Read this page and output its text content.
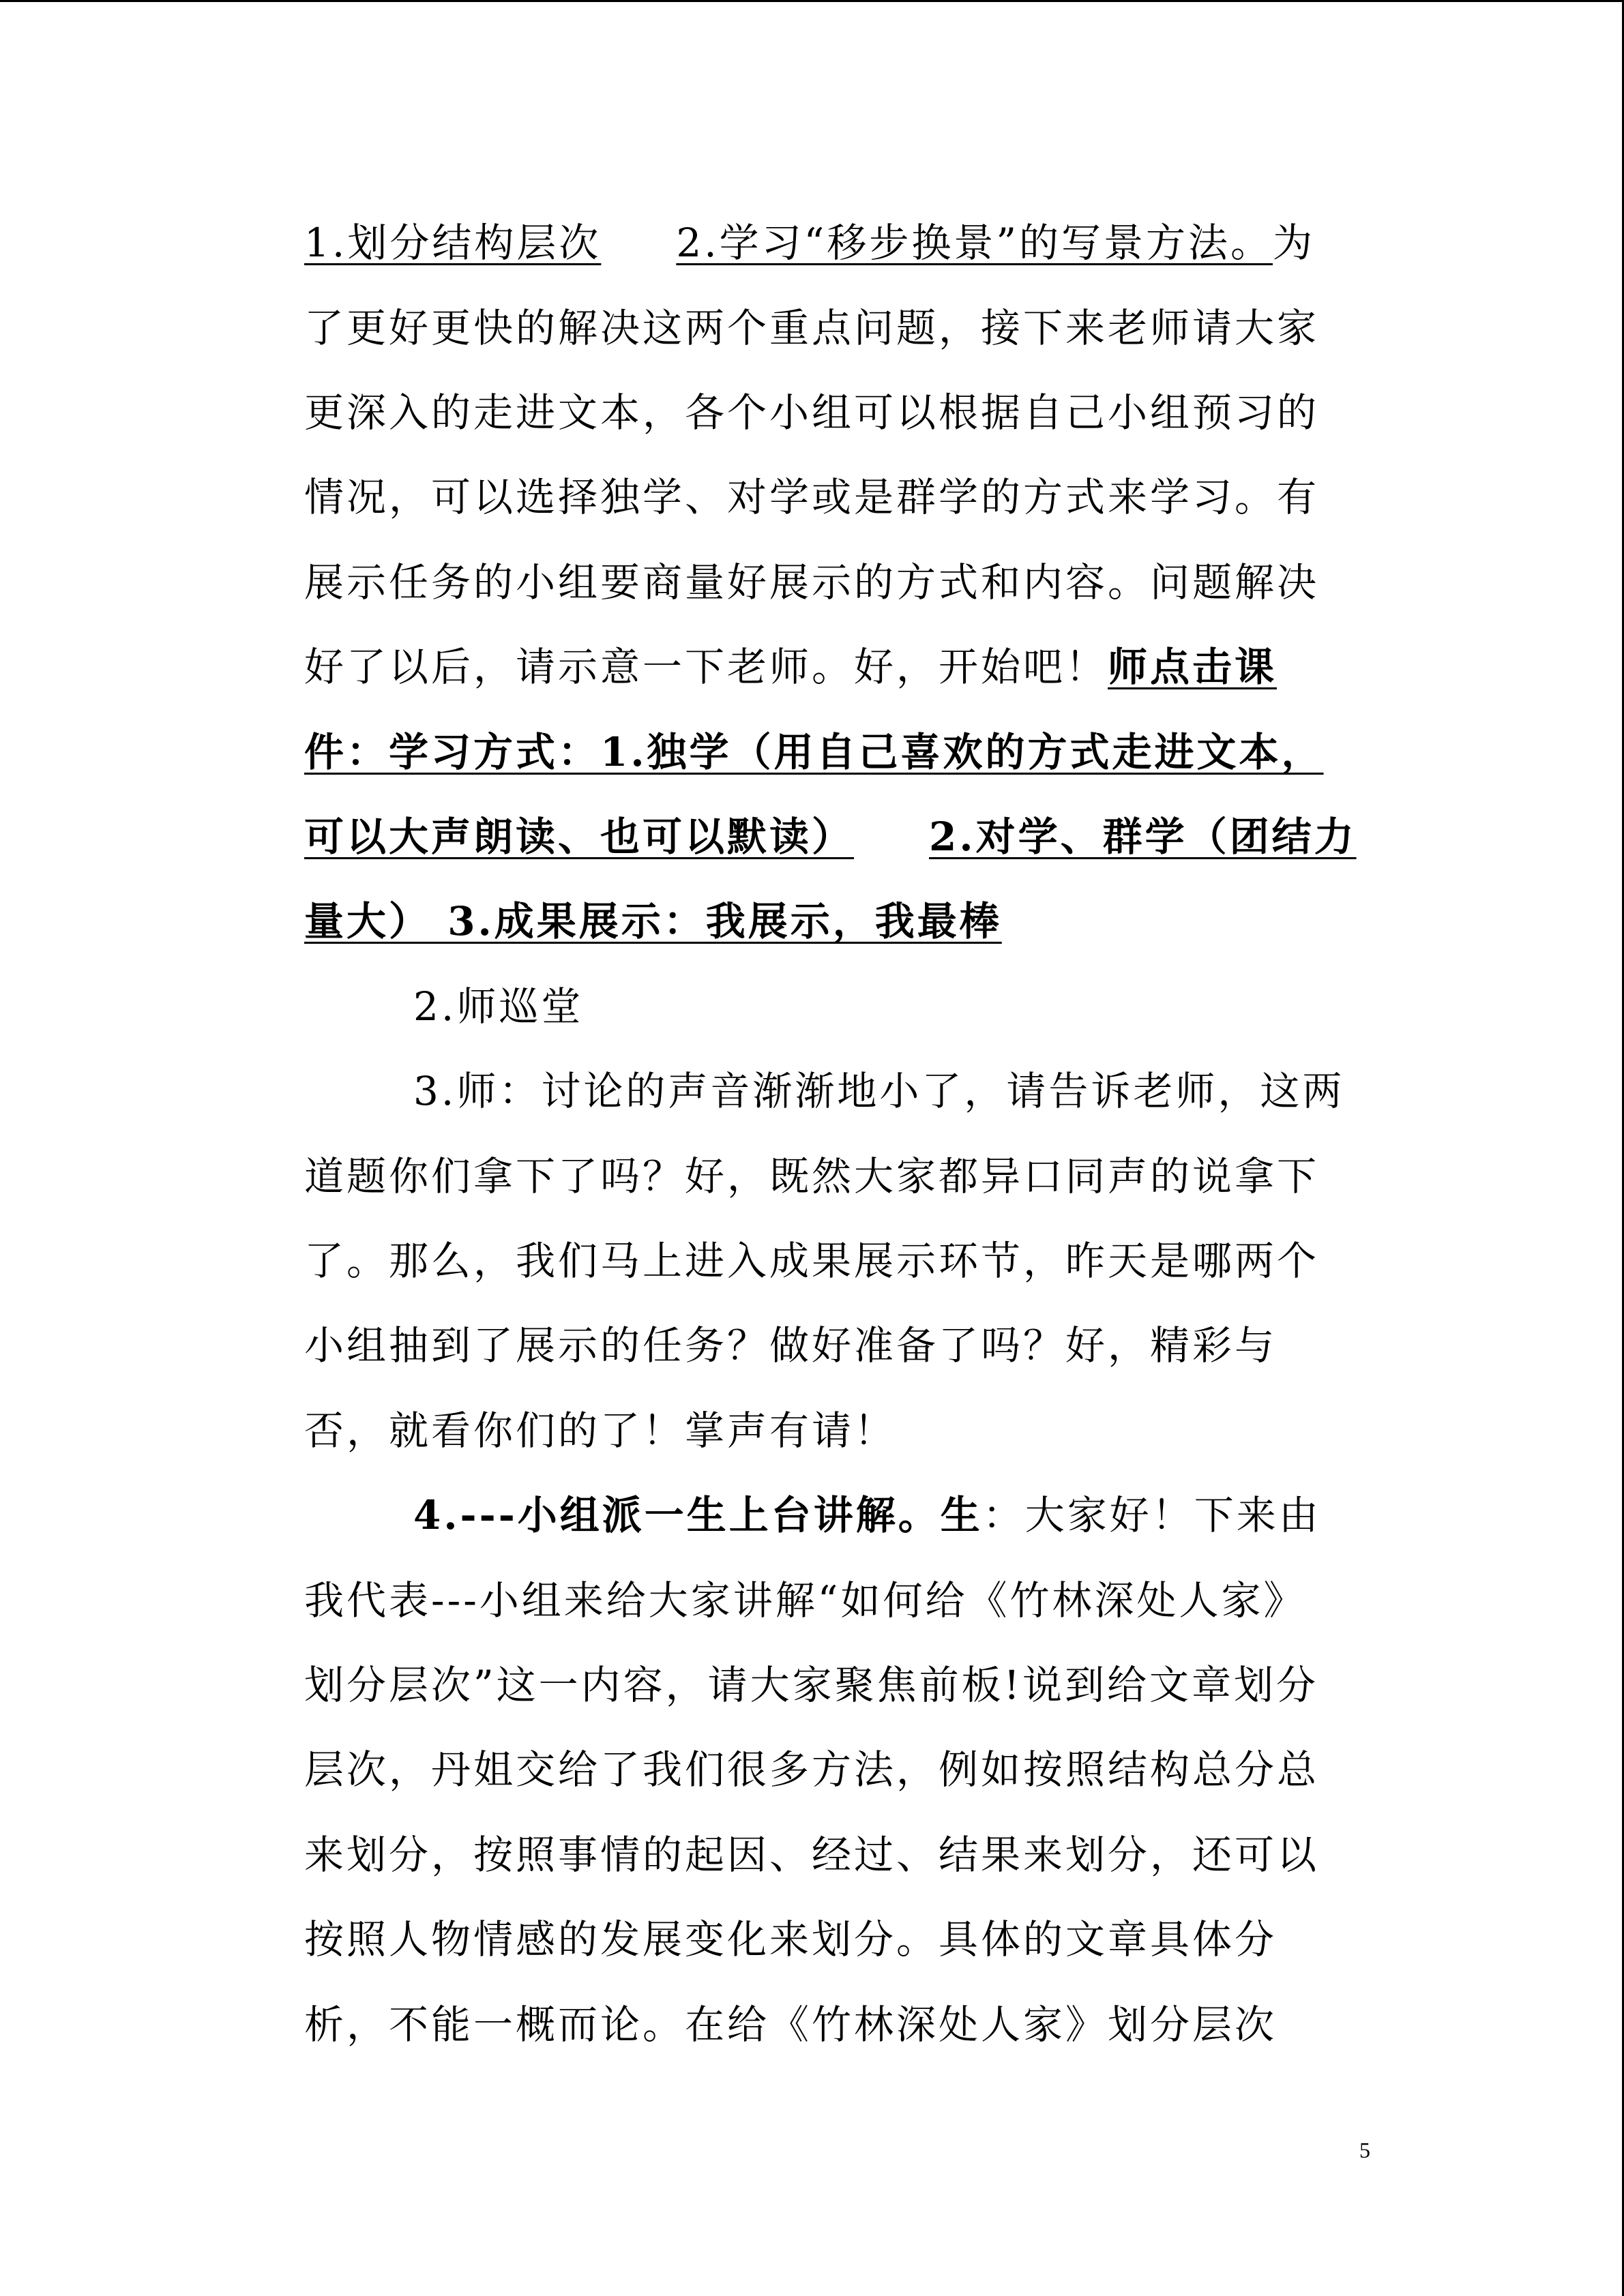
1.划分结构层次 2.学习“移步换景”的写景方法。为
了更好更快的解决这两个重点问题，接下来老师请大家
更深入的走进文本，各个小组可以根据自己小组预习的
情况，可以选择独学、对学或是群学的方式来学习。有
展示任务的小组要商量好展示的方式和内容。问题解决
好了以后，请示意一下老师。好，开始吧！师点击课
件：学习方式：1.独学（用自己喜欢的方式走进文本，
可以大声朗读、也可以默读） 2.对学、群学（团结力
量大） 3.成果展示：我展示，我最棒
2.师巡堂
3.师：讨论的声音渐渐地小了，请告诉老师，这两
道题你们拿下了吗？好，既然大家都异口同声的说拿下
了。那么，我们马上进入成果展示环节，昨天是哪两个
小组抽到了展示的任务？做好准备了吗？好，精彩与
否，就看你们的了！掌声有请！
4.---小组派一生上台讲解。生：大家好！下来由
我代表---小组来给大家讲解“如何给《竹林深处人家》
划分层次”这一内容，请大家聚焦前板!说到给文章划分
层次，丹姐交给了我们很多方法，例如按照结构总分总
来划分，按照事情的起因、经过、结果来划分，还可以
按照人物情感的发展变化来划分。具体的文章具体分
析，不能一概而论。在给《竹林深处人家》划分层次
5
